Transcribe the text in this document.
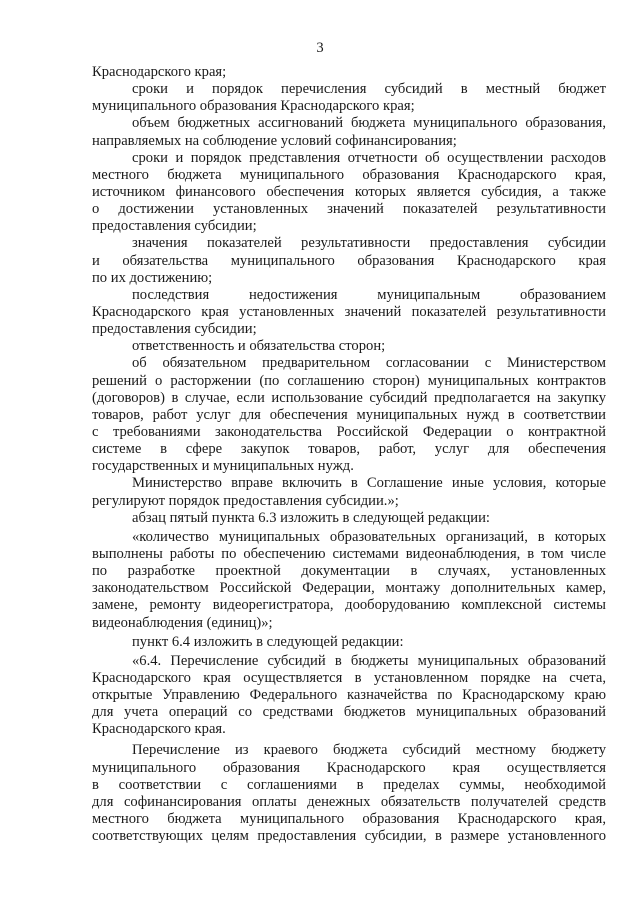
3
Краснодарского края;
сроки и порядок перечисления субсидий в местный бюджет
муниципального образования Краснодарского края;
объем бюджетных ассигнований бюджета муниципального образования,
направляемых на соблюдение условий софинансирования;
сроки и порядок представления отчетности об осуществлении расходов
местного бюджета муниципального образования Краснодарского края,
источником финансового обеспечения которых является субсидия, а также
о достижении установленных значений показателей результативности
предоставления субсидии;
значения показателей результативности предоставления субсидии
и обязательства муниципального образования Краснодарского края
по их достижению;
последствия недостижения муниципальным образованием
Краснодарского края установленных значений показателей результативности
предоставления субсидии;
ответственность и обязательства сторон;
об обязательном предварительном согласовании с Министерством
решений о расторжении (по соглашению сторон) муниципальных контрактов
(договоров) в случае, если использование субсидий предполагается на закупку
товаров, работ услуг для обеспечения муниципальных нужд в соответствии
с требованиями законодательства Российской Федерации о контрактной
системе в сфере закупок товаров, работ, услуг для обеспечения
государственных и муниципальных нужд.
Министерство вправе включить в Соглашение иные условия, которые
регулируют порядок предоставления субсидии.»;
абзац пятый пункта 6.3 изложить в следующей редакции:
«количество муниципальных образовательных организаций, в которых
выполнены работы по обеспечению системами видеонаблюдения, в том числе
по разработке проектной документации в случаях, установленных
законодательством Российской Федерации, монтажу дополнительных камер,
замене, ремонту видеорегистратора, дооборудованию комплексной системы
видеонаблюдения (единиц)»;
пункт 6.4 изложить в следующей редакции:
«6.4. Перечисление субсидий в бюджеты муниципальных образований
Краснодарского края осуществляется в установленном порядке на счета,
открытые Управлению Федерального казначейства по Краснодарскому краю
для учета операций со средствами бюджетов муниципальных образований
Краснодарского края.
Перечисление из краевого бюджета субсидий местному бюджету
муниципального образования Краснодарского края осуществляется
в соответствии с соглашениями в пределах суммы, необходимой
для софинансирования оплаты денежных обязательств получателей средств
местного бюджета муниципального образования Краснодарского края,
соответствующих целям предоставления субсидии, в размере установленного
